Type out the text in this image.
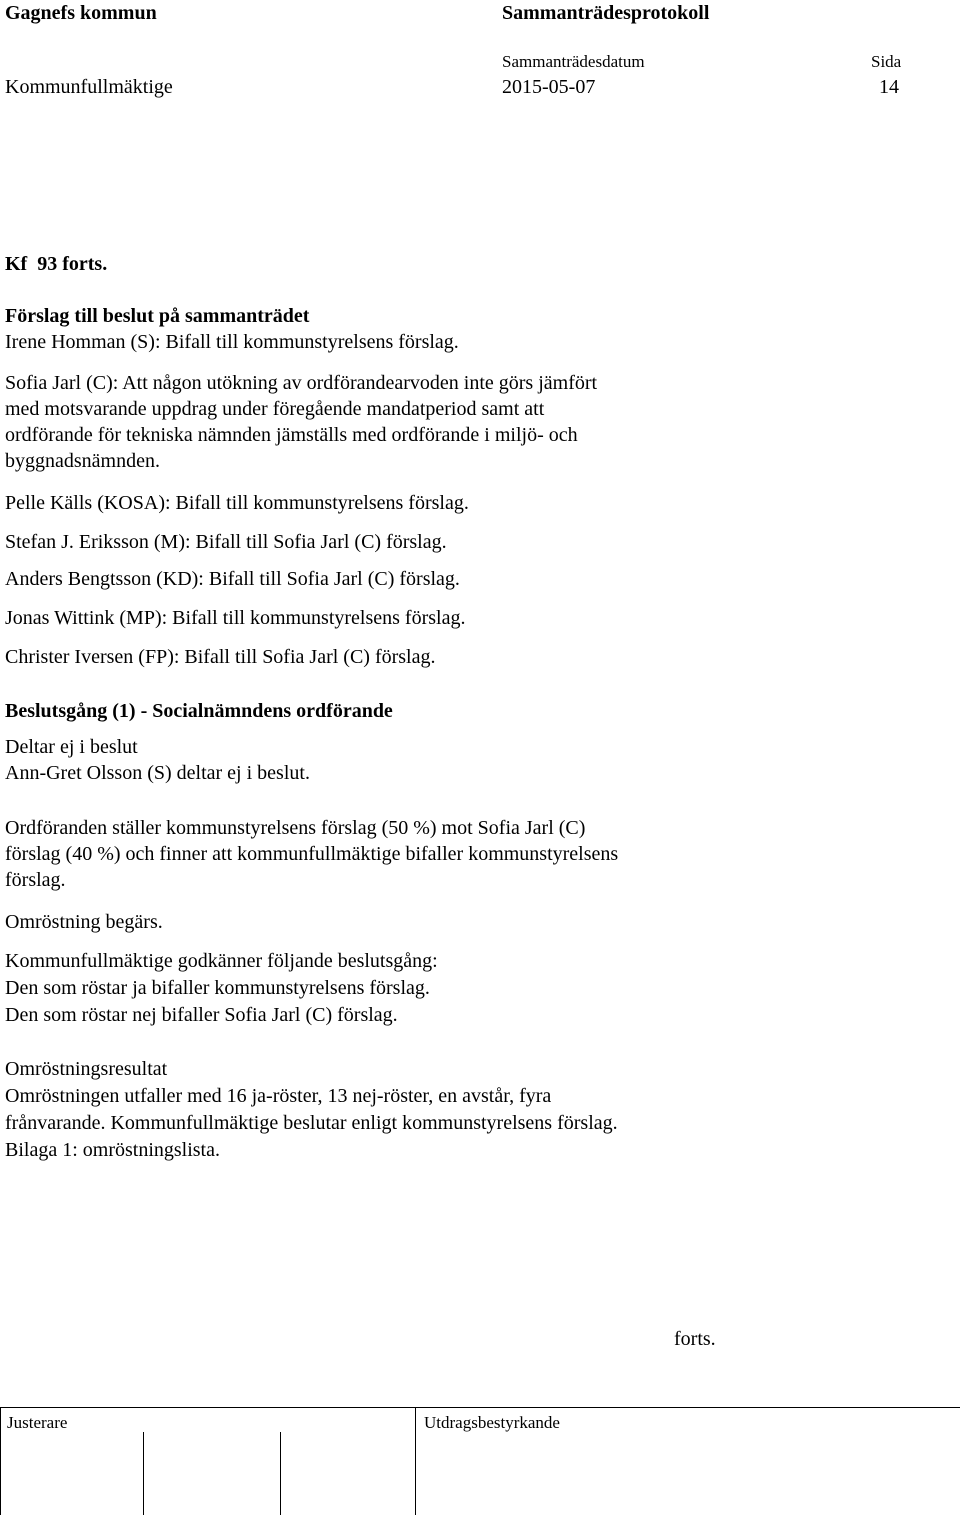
Gagnefs kommun	Sammanträdesprotokoll
Sammanträdesdatum	Sida
Kommunfullmäktige	2015-05-07	14
Kf  93 forts.
Förslag till beslut på sammanträdet
Irene Homman (S): Bifall till kommunstyrelsens förslag.
Sofia Jarl (C): Att någon utökning av ordförandearvoden inte görs jämfört
med motsvarande uppdrag under föregående mandatperiod samt att
ordförande för tekniska nämnden jämställs med ordförande i miljö- och
byggnadsnämnden.
Pelle Källs (KOSA): Bifall till kommunstyrelsens förslag.
Stefan J. Eriksson (M): Bifall till Sofia Jarl (C) förslag.
Anders Bengtsson (KD): Bifall till Sofia Jarl (C) förslag.
Jonas Wittink (MP): Bifall till kommunstyrelsens förslag.
Christer Iversen (FP): Bifall till Sofia Jarl (C) förslag.
Beslutsgång (1) - Socialnämndens ordförande
Deltar ej i beslut
Ann-Gret Olsson (S) deltar ej i beslut.
Ordföranden ställer kommunstyrelsens förslag (50 %) mot Sofia Jarl (C)
förslag (40 %) och finner att kommunfullmäktige bifaller kommunstyrelsens
förslag.
Omröstning begärs.
Kommunfullmäktige godkänner följande beslutsgång:
Den som röstar ja bifaller kommunstyrelsens förslag.
Den som röstar nej bifaller Sofia Jarl (C) förslag.
Omröstningsresultat
Omröstningen utfaller med 16 ja-röster, 13 nej-röster, en avstår, fyra
frånvarande. Kommunfullmäktige beslutar enligt kommunstyrelsens förslag.
Bilaga 1: omröstningslista.
forts.
Justerare	Utdragsbestyrkande
